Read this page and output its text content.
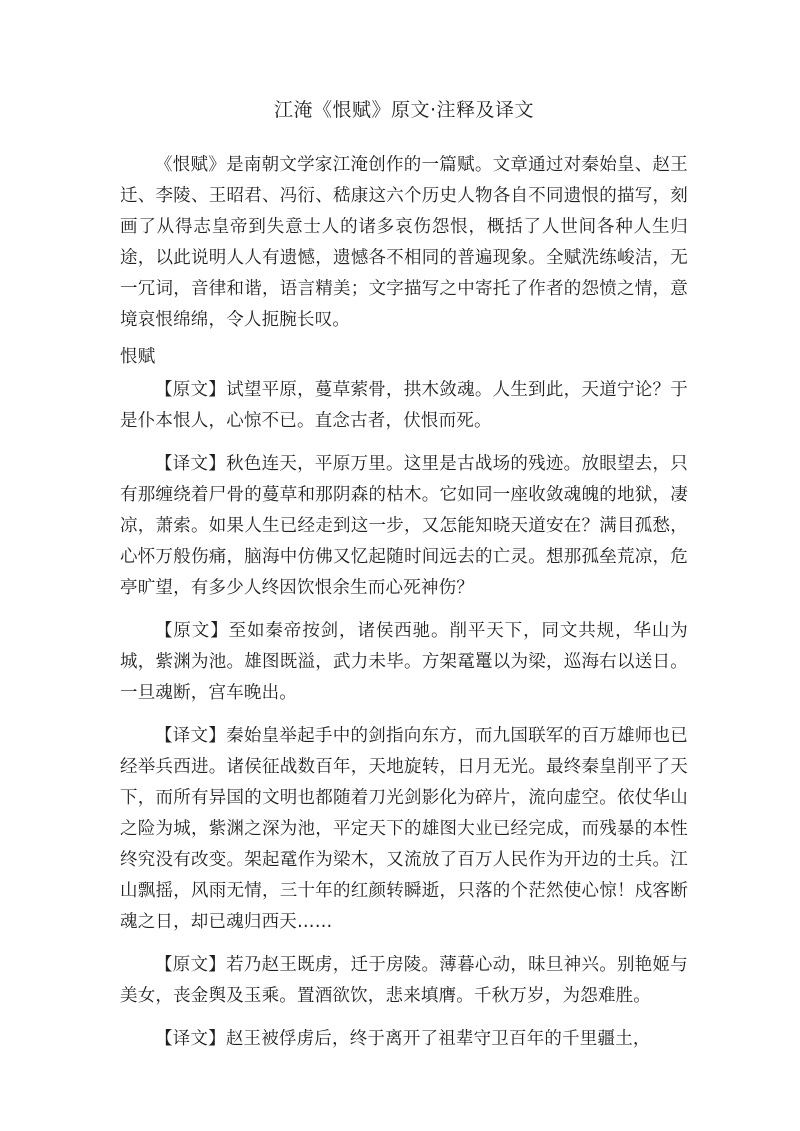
江淹《恨赋》原文·注释及译文

《恨赋》是南朝文学家江淹创作的一篇赋。文章通过对秦始皇、赵王迁、李陵、王昭君、冯衍、嵇康这六个历史人物各自不同遗恨的描写，刻画了从得志皇帝到失意士人的诸多哀伤怨恨，概括了人世间各种人生归途，以此说明人人有遗憾，遗憾各不相同的普遍现象。全赋洗练峻洁，无一冗词，音律和谐，语言精美；文字描写之中寄托了作者的怨愤之情，意境哀恨绵绵，令人扼腕长叹。

恨赋

【原文】试望平原，蔓草萦骨，拱木敛魂。人生到此，天道宁论？于是仆本恨人，心惊不已。直念古者，伏恨而死。

【译文】秋色连天，平原万里。这里是古战场的残迹。放眼望去，只有那缠绕着尸骨的蔓草和那阴森的枯木。它如同一座收敛魂魄的地狱，凄凉，萧索。如果人生已经走到这一步，又怎能知晓天道安在？满目孤愁，心怀万般伤痛，脑海中仿佛又忆起随时间远去的亡灵。想那孤垒荒凉，危亭旷望，有多少人终因饮恨余生而心死神伤？

【原文】至如秦帝按剑，诸侯西驰。削平天下，同文共规，华山为城，紫渊为池。雄图既溢，武力未毕。方架鼋鼍以为梁，巡海右以送日。一旦魂断，宫车晚出。

【译文】秦始皇举起手中的剑指向东方，而九国联军的百万雄师也已经举兵西进。诸侯征战数百年，天地旋转，日月无光。最终秦皇削平了天下，而所有异国的文明也都随着刀光剑影化为碎片，流向虚空。依仗华山之险为城，紫渊之深为池，平定天下的雄图大业已经完成，而残暴的本性终究没有改变。架起鼋作为梁木，又流放了百万人民作为开边的士兵。江山飘摇，风雨无情，三十年的红颜转瞬逝，只落的个茫然使心惊！戍客断魂之日，却已魂归西天……

【原文】若乃赵王既虏，迁于房陵。薄暮心动，昧旦神兴。别艳姬与美女，丧金舆及玉乘。置酒欲饮，悲来填膺。千秋万岁，为怨难胜。

【译文】赵王被俘虏后，终于离开了祖辈守卫百年的千里疆土，
